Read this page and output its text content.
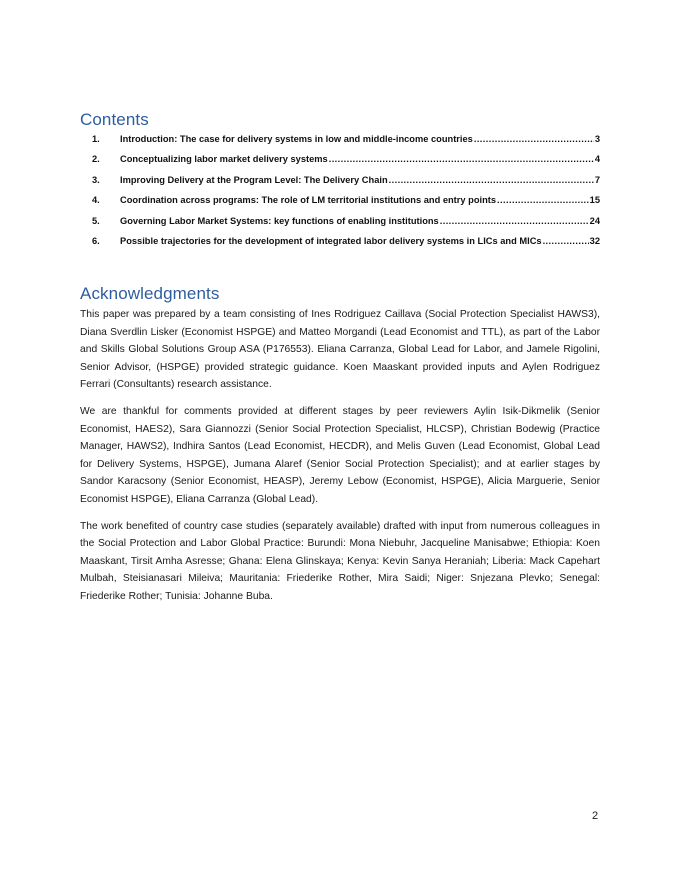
Contents
1.	Introduction: The case for delivery systems in low and middle-income countries .....	3
2.	Conceptualizing labor market delivery systems .....	4
3.	Improving Delivery at the Program Level: The Delivery Chain .....	7
4.	Coordination across programs: The role of LM territorial institutions and entry points .....	15
5.	Governing Labor Market Systems: key functions of enabling institutions .....	24
6.	Possible trajectories for the development of integrated labor delivery systems in LICs and MICs .....	32
Acknowledgments

This paper was prepared by a team consisting of Ines Rodriguez Caillava (Social Protection Specialist HAWS3), Diana Sverdlin Lisker (Economist HSPGE) and Matteo Morgandi (Lead Economist and TTL), as part of the Labor and Skills Global Solutions Group ASA (P176553). Eliana Carranza, Global Lead for Labor, and Jamele Rigolini, Senior Advisor, (HSPGE) provided strategic guidance. Koen Maaskant provided inputs and Aylen Rodriguez Ferrari (Consultants) research assistance.

We are thankful for comments provided at different stages by peer reviewers Aylin Isik-Dikmelik (Senior Economist, HAES2), Sara Giannozzi (Senior Social Protection Specialist, HLCSP), Christian Bodewig (Practice Manager, HAWS2), Indhira Santos (Lead Economist, HECDR), and Melis Guven (Lead Economist, Global Lead for Delivery Systems, HSPGE), Jumana Alaref (Senior Social Protection Specialist); and at earlier stages by Sandor Karacsony (Senior Economist, HEASP), Jeremy Lebow (Economist, HSPGE), Alicia Marguerie, Senior Economist HSPGE), Eliana Carranza (Global Lead).

The work benefited of country case studies (separately available) drafted with input from numerous colleagues in the Social Protection and Labor Global Practice: Burundi: Mona Niebuhr, Jacqueline Manisabwe; Ethiopia: Koen Maaskant, Tirsit Amha Asresse; Ghana: Elena Glinskaya; Kenya: Kevin Sanya Heraniah; Liberia: Mack Capehart Mulbah, Steisianasari Mileiva; Mauritania: Friederike Rother, Mira Saidi; Niger: Snjezana Plevko; Senegal: Friederike Rother; Tunisia: Johanne Buba.

2
